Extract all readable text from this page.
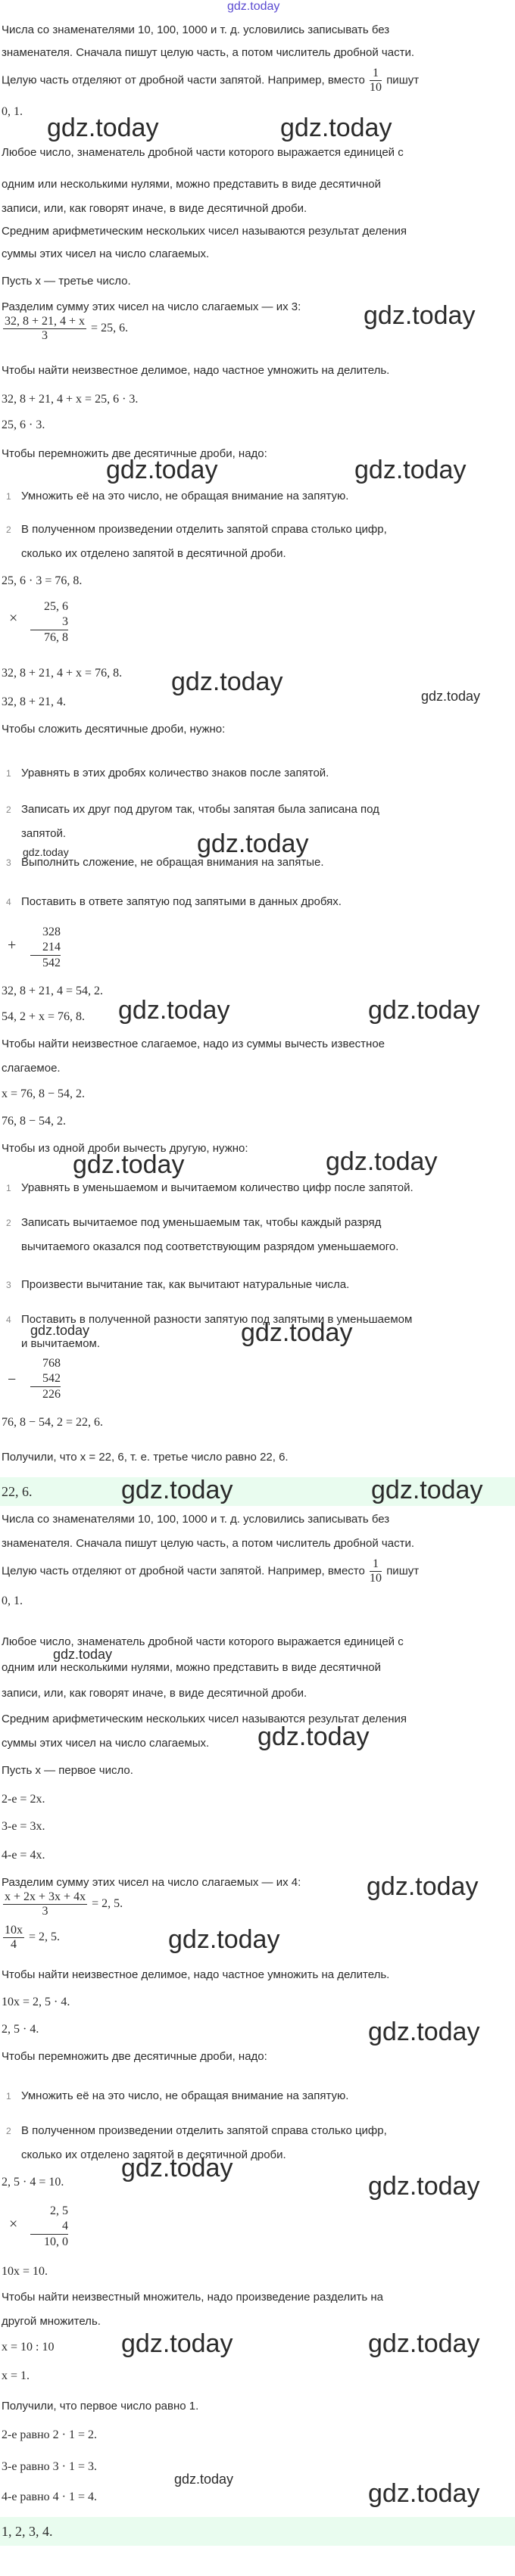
gdz.today
Числа со знаменателями 10, 100, 1000 и т. д. условились записывать без
знаменателя. Сначала пишут целую часть, а потом числитель дробной части.
Целую часть отделяют от дробной части запятой. Например, вместо $\frac{1}{10}$ пишут
0, 1.
gdz.today	gdz.today
Любое число, знаменатель дробной части которого выражается единицей с
одним или несколькими нулями, можно представить в виде десятичной
записи, или, как говорят иначе, в виде десятичной дроби.
Средним арифметическим нескольких чисел называются результат деления
суммы этих чисел на число слагаемых.
Пусть x — третье число.
Разделим сумму этих чисел на число слагаемых — их 3: gdz.today
$\frac{32, 8 + 21, 4 + x}{3} = 25$, 6.
Чтобы найти неизвестное делимое, надо частное умножить на делитель.
32, 8 + 21, 4 + x = 25, 6 · 3.
25, 6 · 3.
Чтобы перемножить две десятичные дроби, надо:
gdz.today	gdz.today
1 Умножить её на это число, не обращая внимание на запятую.
2 В полученном произведении отделить запятой справа столько цифр,
сколько их отделено запятой в десятичной дроби.
25, 6 · 3 = 76, 8.
×
25, 6
3
76, 8
32, 8 + 21, 4 + x = 76, 8. gdz.today	gdz.today
32, 8 + 21, 4.
Чтобы сложить десятичные дроби, нужно:
1 Уравнять в этих дробях количество знаков после запятой.
2 Записать их друг под другом так, чтобы запятая была записана под
запятой.
gdz.today	gdz.today
3 Выполнить сложение, не обращая внимания на запятые.
4 Поставить в ответе запятую под запятыми в данных дробях.
+
328
214
542
32, 8 + 21, 4 = 54, 2.
54, 2 + x = 76, 8. gdz.today	gdz.today
Чтобы найти неизвестное слагаемое, надо из суммы вычесть известное
слагаемое.
x = 76, 8 − 54, 2.
76, 8 − 54, 2.
Чтобы из одной дроби вычесть другую, нужно:
gdz.today	gdz.today
1 Уравнять в уменьшаемом и вычитаемом количество цифр после запятой.
2 Записать вычитаемое под уменьшаемым так, чтобы каждый разряд
вычитаемого оказался под соответствующим разрядом уменьшаемого.
3 Произвести вычитание так, как вычитают натуральные числа.
4 Поставить в полученной разности запятую под запятыми в уменьшаемом
gdz.today	gdz.today
и вычитаемом.
−
768
542
226
76, 8 − 54, 2 = 22, 6.
Получили, что x = 22, 6, т. е. третье число равно 22, 6.
22, 6.	gdz.today	gdz.today
Числа со знаменателями 10, 100, 1000 и т. д. условились записывать без
знаменателя. Сначала пишут целую часть, а потом числитель дробной части.
Целую часть отделяют от дробной части запятой. Например, вместо $\frac{1}{10}$ пишут
0, 1.
Любое число, знаменатель дробной части которого выражается единицей с
gdz.today
одним или несколькими нулями, можно представить в виде десятичной
записи, или, как говорят иначе, в виде десятичной дроби.
Средним арифметическим нескольких чисел называются результат деления
суммы этих чисел на число слагаемых. gdz.today
Пусть x — первое число.
2-е = 2x.
3-е = 3x.
4-е = 4x.
Разделим сумму этих чисел на число слагаемых — их 4:	gdz.today
$\frac{x + 2x + 3x + 4x}{3} = 2$, 5.
$\frac{10x}{4} = 2$, 5.	gdz.today
Чтобы найти неизвестное делимое, надо частное умножить на делитель.
10x = 2, 5 · 4.
2, 5 · 4.	gdz.today
Чтобы перемножить две десятичные дроби, надо:
1 Умножить её на это число, не обращая внимание на запятую.
2 В полученном произведении отделить запятой справа столько цифр,
сколько их отделено запятой в десятичной дроби.
gdz.today
gdz.today
2, 5 · 4 = 10.
×
2, 5
4
10, 0
10x = 10.
Чтобы найти неизвестный множитель, надо произведение разделить на
другой множитель.
x = 10 : 10	gdz.today	gdz.today
x = 1.
Получили, что первое число равно 1.
2-е равно 2 · 1 = 2.
3-е равно 3 · 1 = 3.
gdz.today	gdz.today
4-е равно 4 · 1 = 4.
1, 2, 3, 4.
